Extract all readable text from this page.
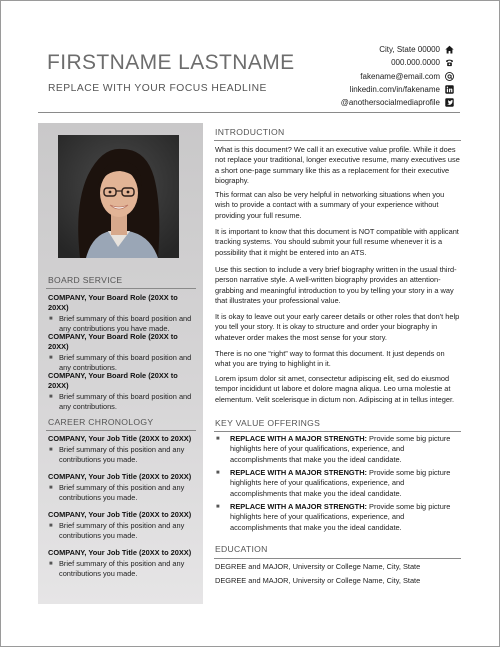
FIRSTNAME LASTNAME
REPLACE WITH YOUR FOCUS HEADLINE
City, State 00000
000.000.0000
fakename@email.com
linkedin.com/in/fakename
@anothersocialmediaprofile
BOARD SERVICE
COMPANY, Your Board Role (20XX to 20XX)
■ Brief summary of this board position and any contributions you have made.
COMPANY, Your Board Role (20XX to 20XX)
■ Brief summary of this board position and any contributions.
COMPANY, Your Board Role (20XX to 20XX)
■ Brief summary of this board position and any contributions.
CAREER CHRONOLOGY
COMPANY, Your Job Title (20XX to 20XX)
■ Brief summary of this position and any contributions you made.
COMPANY, Your Job Title (20XX to 20XX)
■ Brief summary of this position and any contributions you made.
COMPANY, Your Job Title (20XX to 20XX)
■ Brief summary of this position and any contributions you made.
COMPANY, Your Job Title (20XX to 20XX)
■ Brief summary of this position and any contributions you made.
INTRODUCTION
What is this document? We call it an executive value profile. While it does not replace your traditional, longer executive resume, many executives use a short one-page summary like this as a replacement for their executive biography.
This format can also be very helpful in networking situations when you wish to provide a contact with a summary of your experience without providing your full resume.
It is important to know that this document is NOT compatible with applicant tracking systems. You should submit your full resume whenever it is a possibility that it might be entered into an ATS.
Use this section to include a very brief biography written in the usual third-person narrative style. A well-written biography provides an attention-grabbing and meaningful introduction to you by telling your story in a way that illustrates your professional value.
It is okay to leave out your early career details or other roles that don't help you tell your story. It is okay to structure and order your biography in whatever order makes the most sense for your story.
There is no one “right” way to format this document. It just depends on what you are trying to highlight in it.
Lorem ipsum dolor sit amet, consectetur adipiscing elit, sed do eiusmod tempor incididunt ut labore et dolore magna aliqua. Leo urna molestie at elementum. Velit scelerisque in dictum non. Adipiscing at in tellus integer.
KEY VALUE OFFERINGS
■	REPLACE WITH A MAJOR STRENGTH: Provide some big picture highlights here of your qualifications, experience, and accomplishments that make you the ideal candidate.
■	REPLACE WITH A MAJOR STRENGTH: Provide some big picture highlights here of your qualifications, experience, and accomplishments that make you the ideal candidate.
■	REPLACE WITH A MAJOR STRENGTH: Provide some big picture highlights here of your qualifications, experience, and accomplishments that make you the ideal candidate.
EDUCATION
DEGREE and MAJOR, University or College Name, City, State
DEGREE and MAJOR, University or College Name, City, State
